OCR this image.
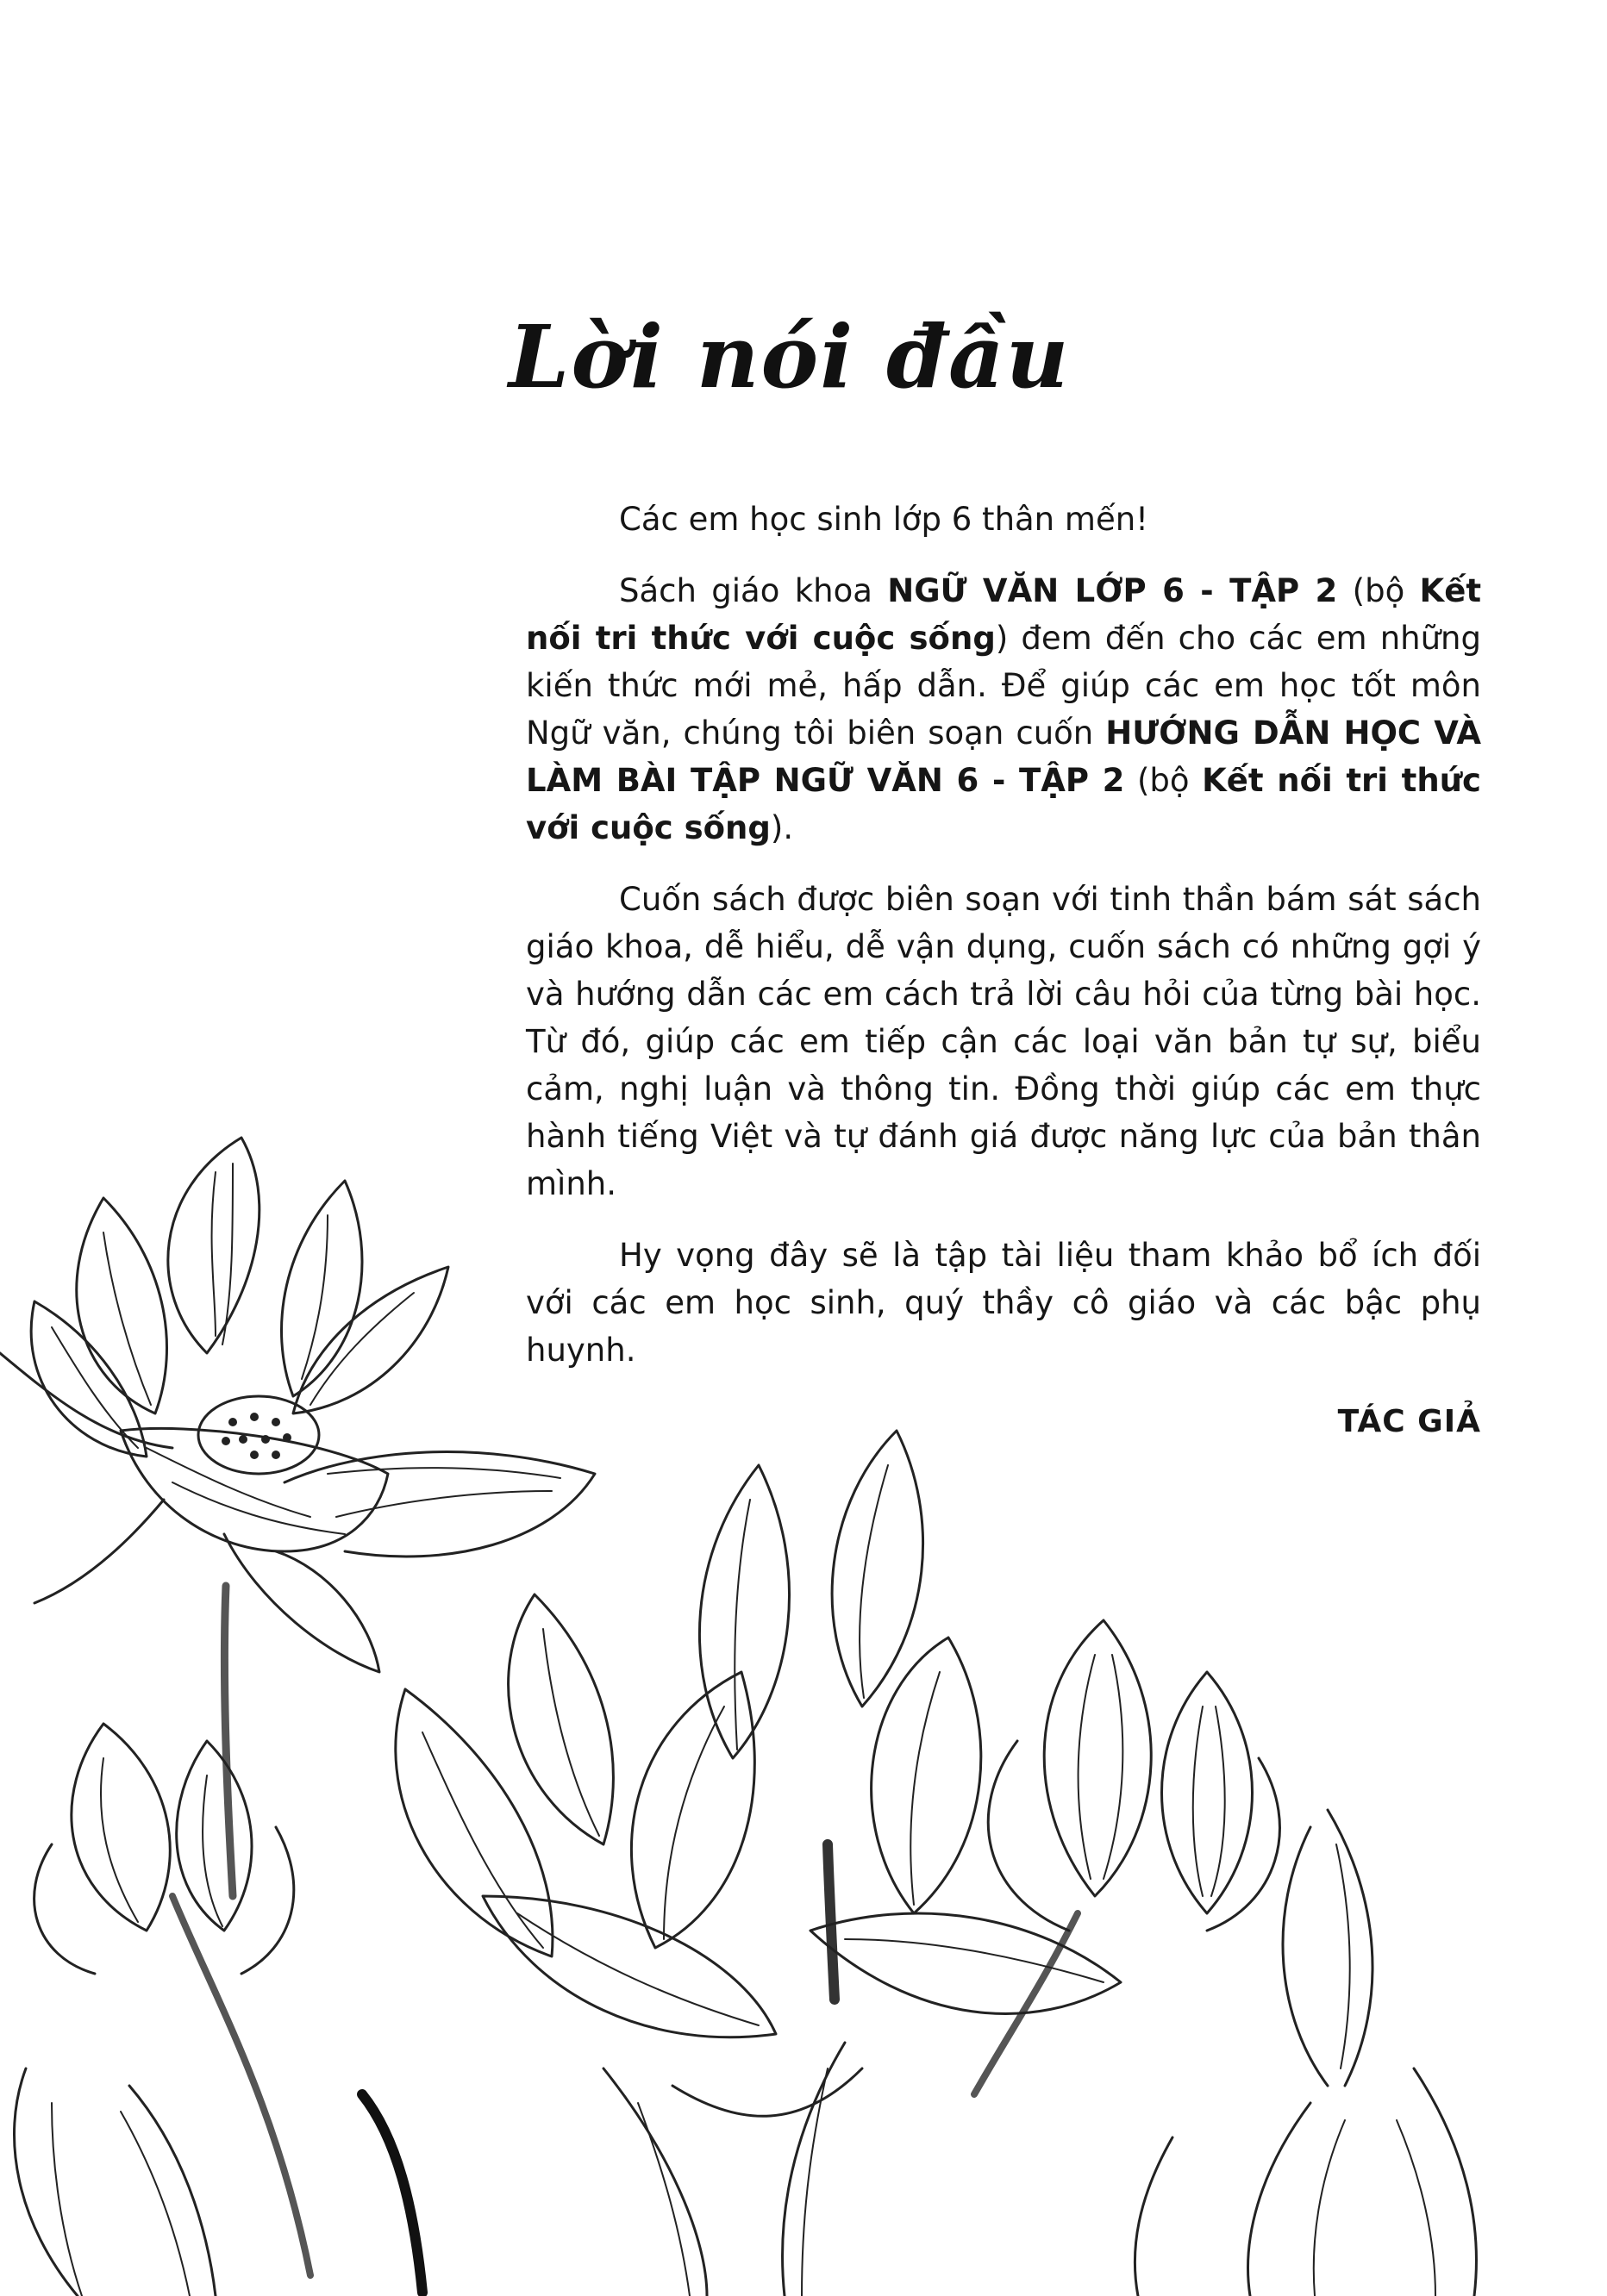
Lời nói đầu

Các em học sinh lớp 6 thân mến!

Sách giáo khoa NGỮ VĂN LỚP 6 - TẬP 2 (bộ Kết nối tri thức với cuộc sống) đem đến cho các em những kiến thức mới mẻ, hấp dẫn. Để giúp các em học tốt môn Ngữ văn, chúng tôi biên soạn cuốn HƯỚNG DẪN HỌC VÀ LÀM BÀI TẬP NGỮ VĂN 6 - TẬP 2 (bộ Kết nối tri thức với cuộc sống).

Cuốn sách được biên soạn với tinh thần bám sát sách giáo khoa, dễ hiểu, dễ vận dụng, cuốn sách có những gợi ý và hướng dẫn các em cách trả lời câu hỏi của từng bài học. Từ đó, giúp các em tiếp cận các loại văn bản tự sự, biểu cảm, nghị luận và thông tin. Đồng thời giúp các em thực hành tiếng Việt và tự đánh giá được năng lực của bản thân mình.

Hy vọng đây sẽ là tập tài liệu tham khảo bổ ích đối với các em học sinh, quý thầy cô giáo và các bậc phụ huynh.

TÁC GIẢ
